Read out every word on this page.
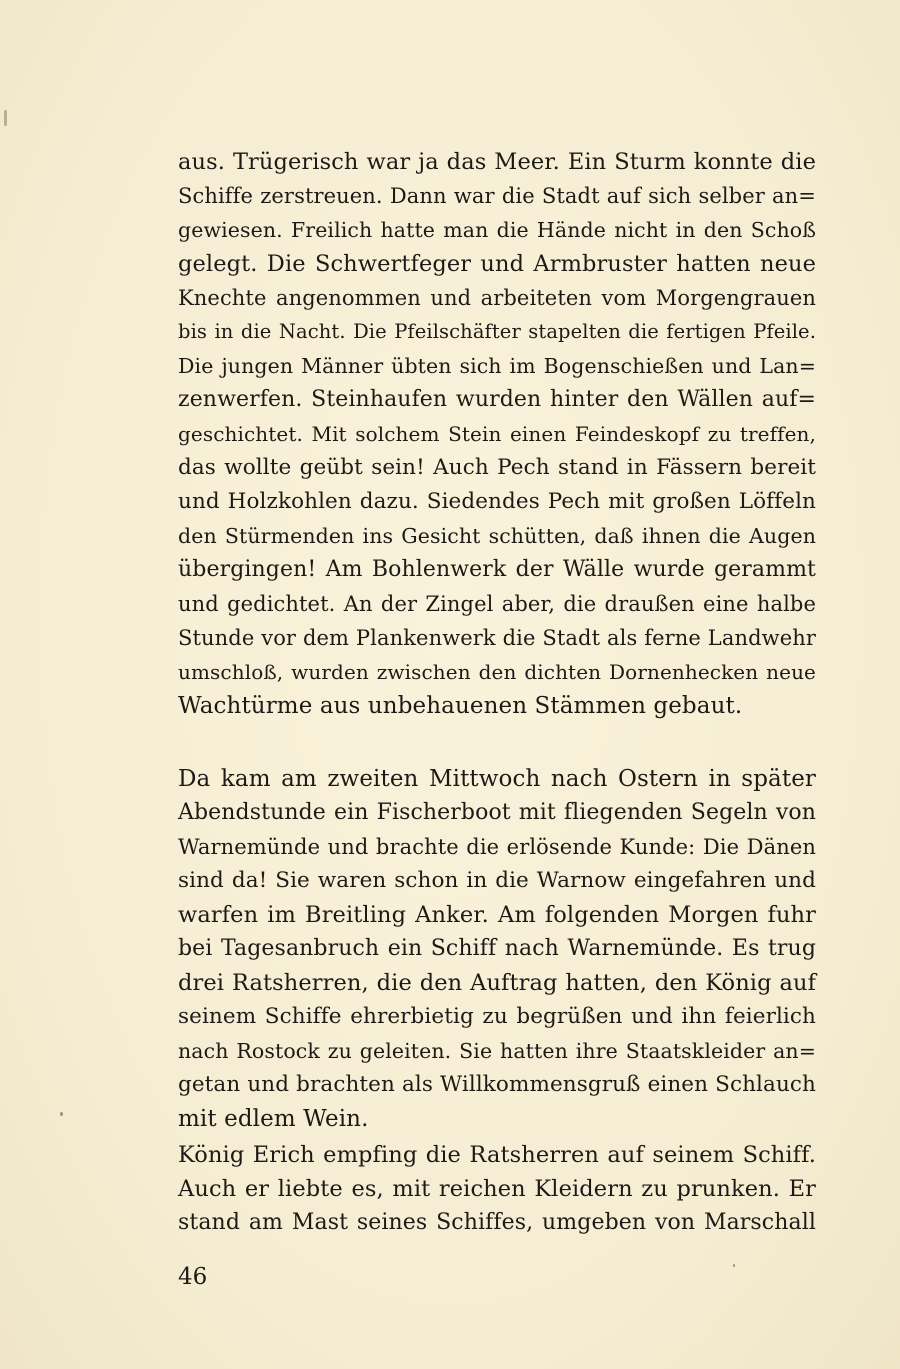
aus. Trügerisch war ja das Meer. Ein Sturm konnte die
Schiffe zerstreuen. Dann war die Stadt auf sich selber an=
gewiesen. Freilich hatte man die Hände nicht in den Schoß
gelegt. Die Schwertfeger und Armbruster hatten neue
Knechte angenommen und arbeiteten vom Morgengrauen
bis in die Nacht. Die Pfeilschäfter stapelten die fertigen Pfeile.
Die jungen Männer übten sich im Bogenschießen und Lan=
zenwerfen. Steinhaufen wurden hinter den Wällen auf=
geschichtet. Mit solchem Stein einen Feindeskopf zu treffen,
das wollte geübt sein! Auch Pech stand in Fässern bereit
und Holzkohlen dazu. Siedendes Pech mit großen Löffeln
den Stürmenden ins Gesicht schütten, daß ihnen die Augen
übergingen! Am Bohlenwerk der Wälle wurde gerammt
und gedichtet. An der Zingel aber, die draußen eine halbe
Stunde vor dem Plankenwerk die Stadt als ferne Landwehr
umschloß, wurden zwischen den dichten Dornenhecken neue
Wachtürme aus unbehauenen Stämmen gebaut.
Da kam am zweiten Mittwoch nach Ostern in später
Abendstunde ein Fischerboot mit fliegenden Segeln von
Warnemünde und brachte die erlösende Kunde: Die Dänen
sind da! Sie waren schon in die Warnow eingefahren und
warfen im Breitling Anker. Am folgenden Morgen fuhr
bei Tagesanbruch ein Schiff nach Warnemünde. Es trug
drei Ratsherren, die den Auftrag hatten, den König auf
seinem Schiffe ehrerbietig zu begrüßen und ihn feierlich
nach Rostock zu geleiten. Sie hatten ihre Staatskleider an=
getan und brachten als Willkommensgruß einen Schlauch
mit edlem Wein.
König Erich empfing die Ratsherren auf seinem Schiff.
Auch er liebte es, mit reichen Kleidern zu prunken. Er
stand am Mast seines Schiffes, umgeben von Marschall
46
